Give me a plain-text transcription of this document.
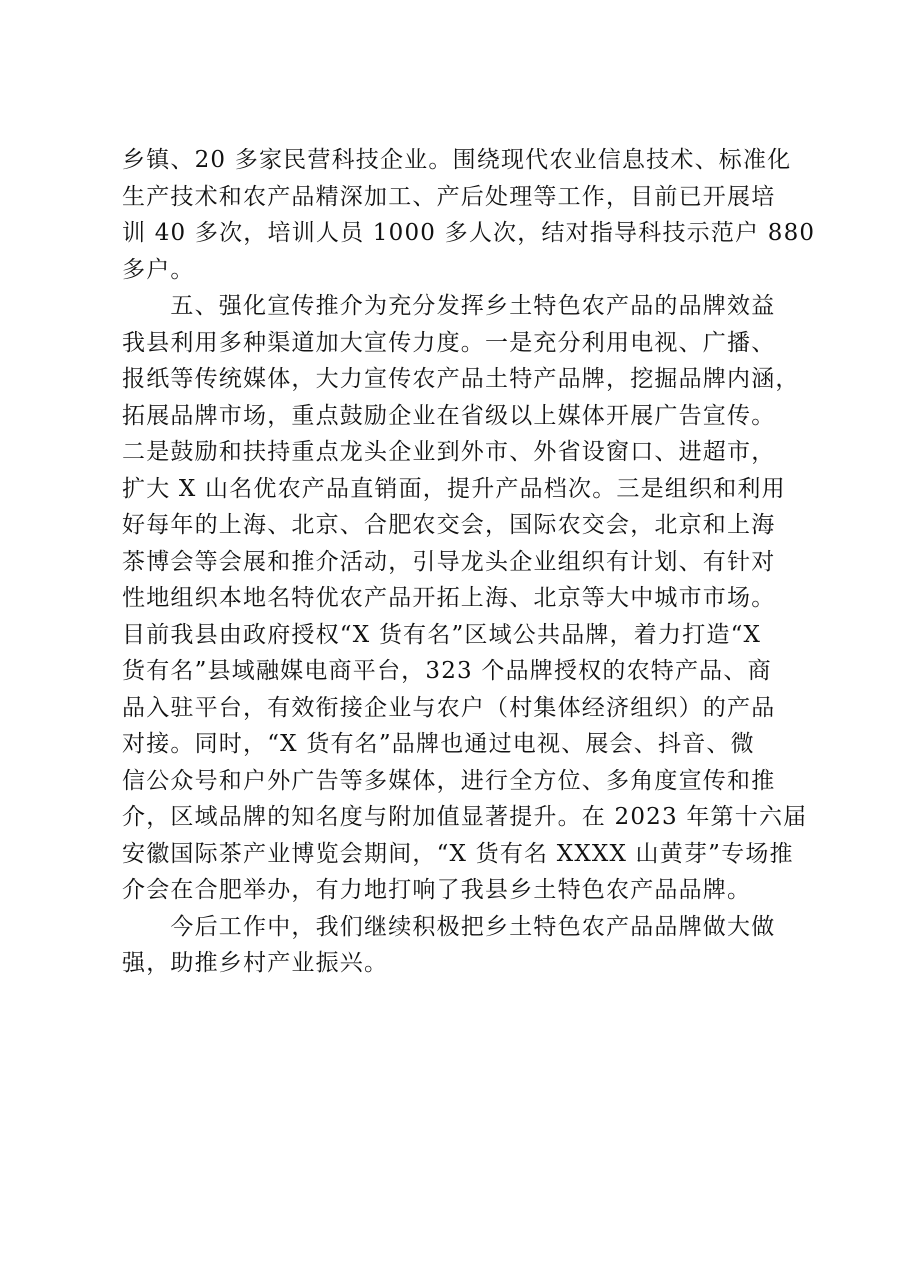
乡镇、20 多家民营科技企业。围绕现代农业信息技术、标准化
生产技术和农产品精深加工、产后处理等工作，目前已开展培
训 40 多次，培训人员 1000 多人次，结对指导科技示范户 880
多户。
　　五、强化宣传推介为充分发挥乡土特色农产品的品牌效益
我县利用多种渠道加大宣传力度。一是充分利用电视、广播、
报纸等传统媒体，大力宣传农产品土特产品牌，挖掘品牌内涵，
拓展品牌市场，重点鼓励企业在省级以上媒体开展广告宣传。
二是鼓励和扶持重点龙头企业到外市、外省设窗口、进超市，
扩大 X 山名优农产品直销面，提升产品档次。三是组织和利用
好每年的上海、北京、合肥农交会，国际农交会，北京和上海
茶博会等会展和推介活动，引导龙头企业组织有计划、有针对
性地组织本地名特优农产品开拓上海、北京等大中城市市场。
目前我县由政府授权“X 货有名”区域公共品牌，着力打造“X
货有名”县域融媒电商平台，323 个品牌授权的农特产品、商
品入驻平台，有效衔接企业与农户（村集体经济组织）的产品
对接。同时，“X 货有名”品牌也通过电视、展会、抖音、微
信公众号和户外广告等多媒体，进行全方位、多角度宣传和推
介，区域品牌的知名度与附加值显著提升。在 2023 年第十六届
安徽国际茶产业博览会期间，“X 货有名 XXXX 山黄芽”专场推
介会在合肥举办，有力地打响了我县乡土特色农产品品牌。
　　今后工作中，我们继续积极把乡土特色农产品品牌做大做
强，助推乡村产业振兴。
